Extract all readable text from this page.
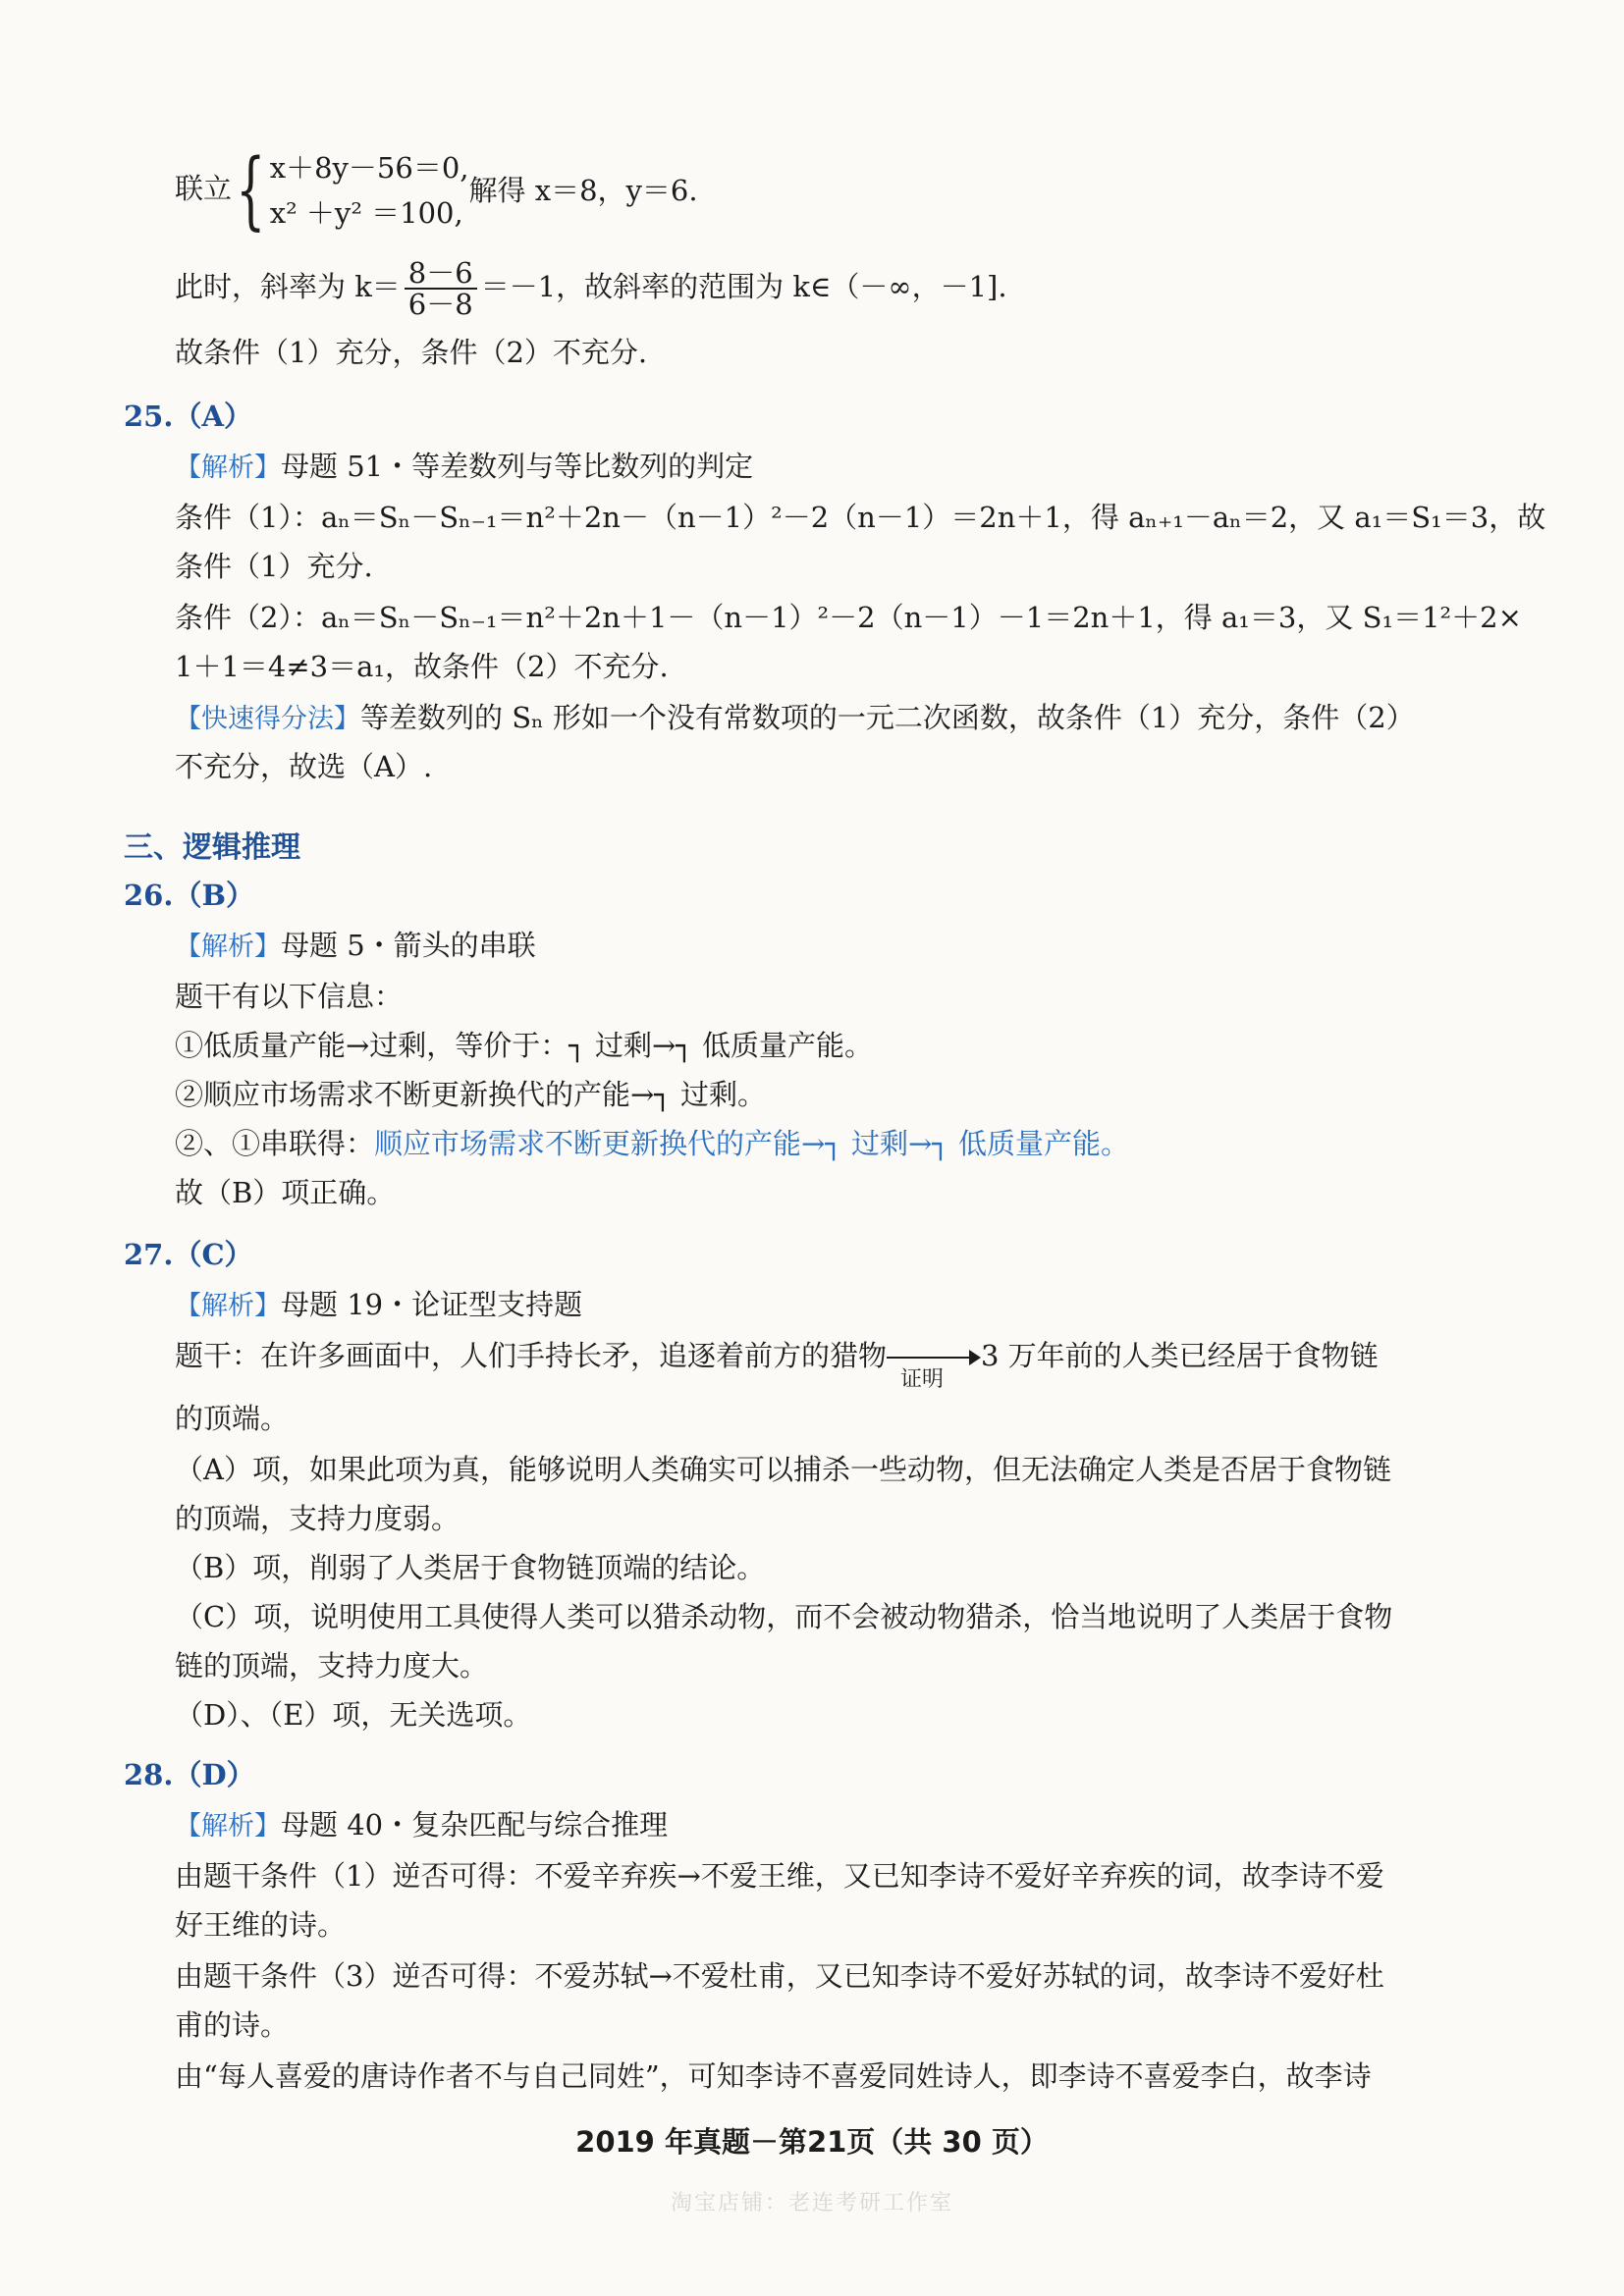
联立{ x＋8y－56＝0,
x² ＋y² ＝100,
解得 x＝8，y＝6.
此时，斜率为 $k= \frac{8-6}{6-8} =-1$，故斜率的范围为 k∈（－∞，－1].
故条件（1）充分，条件（2）不充分.
25.（A）
【解析】母题 51・等差数列与等比数列的判定
条件（1）：aₙ＝Sₙ－Sₙ₋₁＝n²＋2n－（n－1）²－2（n－1）＝2n＋1，得 aₙ₊₁－aₙ＝2，又 a₁＝S₁＝3，故
条件（1）充分.
条件（2）：aₙ＝Sₙ－Sₙ₋₁＝n²＋2n＋1－（n－1）²－2（n－1）－1＝2n＋1，得 a₁＝3，又 S₁＝1²＋2×
1＋1＝4≠3＝a₁，故条件（2）不充分.
【快速得分法】等差数列的 Sₙ 形如一个没有常数项的一元二次函数，故条件（1）充分，条件（2）
不充分，故选（A）.
三、逻辑推理
26.（B）
【解析】母题 5・箭头的串联
题干有以下信息：
①低质量产能→过剩，等价于：┐ 过剩→┐ 低质量产能。
②顺应市场需求不断更新换代的产能→┐ 过剩。
②、①串联得：顺应市场需求不断更新换代的产能→┐ 过剩→┐ 低质量产能。
故（B）项正确。
27.（C）
【解析】母题 19・论证型支持题
题干：在许多画面中，人们手持长矛，追逐着前方的猎物
证明
3 万年前的人类已经居于食物链
的顶端。
（A）项，如果此项为真，能够说明人类确实可以捕杀一些动物，但无法确定人类是否居于食物链
的顶端，支持力度弱。
（B）项，削弱了人类居于食物链顶端的结论。
（C）项，说明使用工具使得人类可以猎杀动物，而不会被动物猎杀，恰当地说明了人类居于食物
链的顶端，支持力度大。
（D）、（E）项，无关选项。
28.（D）
【解析】母题 40・复杂匹配与综合推理
由题干条件（1）逆否可得：不爱辛弃疾→不爱王维，又已知李诗不爱好辛弃疾的词，故李诗不爱
好王维的诗。
由题干条件（3）逆否可得：不爱苏轼→不爱杜甫，又已知李诗不爱好苏轼的词，故李诗不爱好杜
甫的诗。
由“每人喜爱的唐诗作者不与自己同姓”，可知李诗不喜爱同姓诗人，即李诗不喜爱李白，故李诗
2019 年真题－第21页（共 30 页）
淘宝店铺：老连考研工作室
